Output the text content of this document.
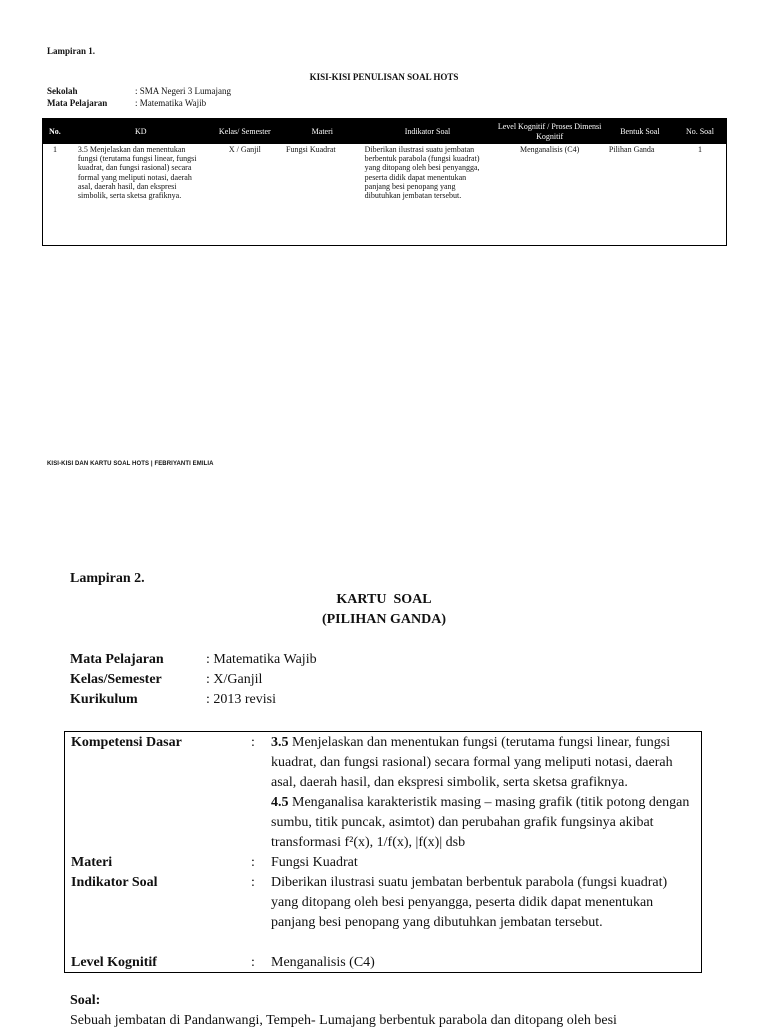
Lampiran 1.
KISI-KISI PENULISAN SOAL HOTS
Sekolah	: SMA Negeri 3 Lumajang
Mata Pelajaran	: Matematika Wajib
No.	KD	Kelas/ Semester	Materi	Indikator Soal	Level Kognitif / Proses Dimensi Kognitif	Bentuk Soal	No. Soal
1	3.5 Menjelaskan dan menentukan fungsi (terutama fungsi linear, fungsi kuadrat, dan fungsi rasional) secara formal yang meliputi notasi, daerah asal, daerah hasil, dan ekspresi simbolik, serta sketsa grafiknya.	X / Ganjil	Fungsi Kuadrat	Diberikan ilustrasi suatu jembatan berbentuk parabola (fungsi kuadrat) yang ditopang oleh besi penyangga, peserta didik dapat menentukan panjang besi penopang yang dibutuhkan jembatan tersebut.	Menganalisis (C4)	Pilihan Ganda	1
KISI-KISI DAN KARTU SOAL HOTS | FEBRIYANTI EMILIA
Lampiran 2.
KARTU  SOAL
(PILIHAN GANDA)
Mata Pelajaran	: Matematika Wajib
Kelas/Semester	: X/Ganjil
Kurikulum	: 2013 revisi
Kompetensi Dasar	: 3.5 Menjelaskan dan menentukan fungsi (terutama fungsi linear, fungsi kuadrat, dan fungsi rasional) secara formal yang meliputi notasi, daerah asal, daerah hasil, dan ekspresi simbolik, serta sketsa grafiknya.

4.5 Menganalisa karakteristik masing – masing grafik (titik potong dengan sumbu, titik puncak, asimtot) dan perubahan grafik fungsinya akibat transformasi f²(x), 1/f(x), |f(x)| dsb

Materi	: Fungsi Kuadrat
Indikator Soal	: Diberikan ilustrasi suatu jembatan berbentuk parabola (fungsi kuadrat) yang ditopang oleh besi penyangga, peserta didik dapat menentukan panjang besi penopang yang dibutuhkan jembatan tersebut.
Level Kognitif	: Menganalisis (C4)
Soal:
Sebuah jembatan di Pandanwangi, Tempeh- Lumajang berbentuk parabola dan ditopang oleh besi
